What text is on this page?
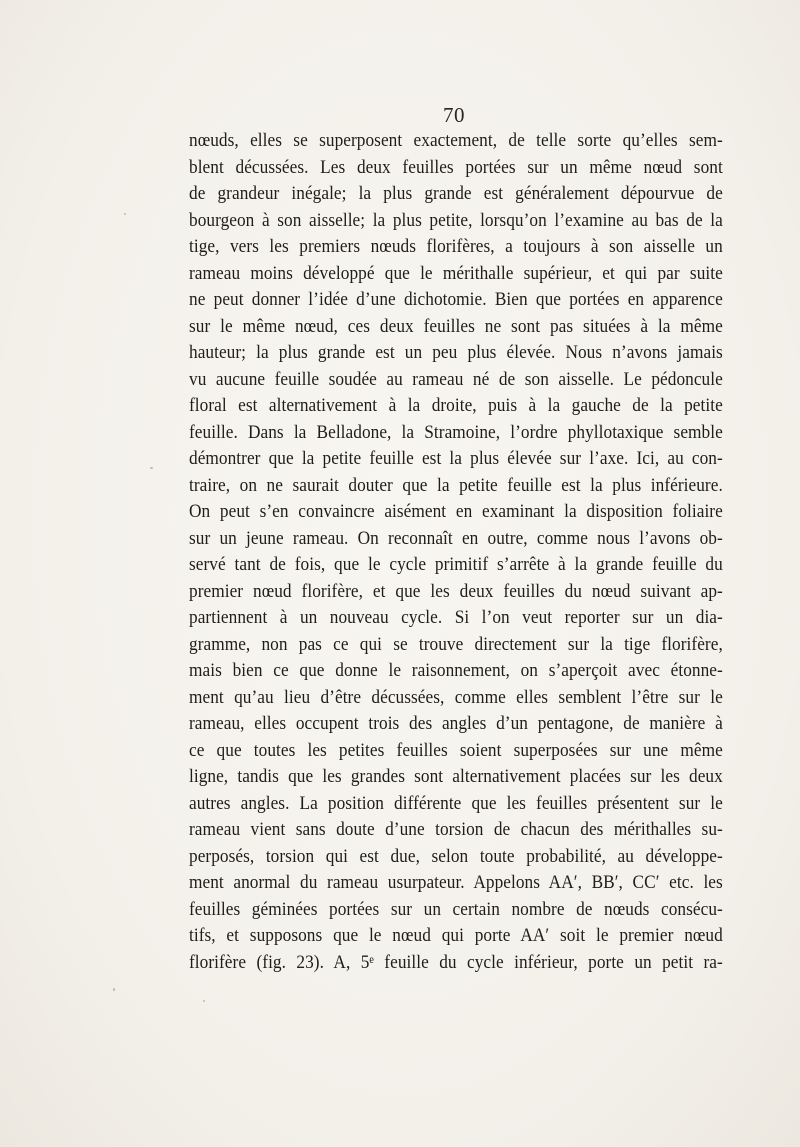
70
nœuds, elles se superposent exactement, de telle sorte qu’elles sem-
blent décussées. Les deux feuilles portées sur un même nœud sont
de grandeur inégale; la plus grande est généralement dépourvue de
bourgeon à son aisselle; la plus petite, lorsqu’on l’examine au bas de la
tige, vers les premiers nœuds florifères, a toujours à son aisselle un
rameau moins développé que le mérithalle supérieur, et qui par suite
ne peut donner l’idée d’une dichotomie. Bien que portées en apparence
sur le même nœud, ces deux feuilles ne sont pas situées à la même
hauteur; la plus grande est un peu plus élevée. Nous n’avons jamais
vu aucune feuille soudée au rameau né de son aisselle. Le pédoncule
floral est alternativement à la droite, puis à la gauche de la petite
feuille. Dans la Belladone, la Stramoine, l’ordre phyllotaxique semble
démontrer que la petite feuille est la plus élevée sur l’axe. Ici, au con-
traire, on ne saurait douter que la petite feuille est la plus inférieure.
On peut s’en convaincre aisément en examinant la disposition foliaire
sur un jeune rameau. On reconnaît en outre, comme nous l’avons ob-
servé tant de fois, que le cycle primitif s’arrête à la grande feuille du
premier nœud florifère, et que les deux feuilles du nœud suivant ap-
partiennent à un nouveau cycle. Si l’on veut reporter sur un dia-
gramme, non pas ce qui se trouve directement sur la tige florifère,
mais bien ce que donne le raisonnement, on s’aperçoit avec étonne-
ment qu’au lieu d’être décussées, comme elles semblent l’être sur le
rameau, elles occupent trois des angles d’un pentagone, de manière à
ce que toutes les petites feuilles soient superposées sur une même
ligne, tandis que les grandes sont alternativement placées sur les deux
autres angles. La position différente que les feuilles présentent sur le
rameau vient sans doute d’une torsion de chacun des mérithalles su-
perposés, torsion qui est due, selon toute probabilité, au développe-
ment anormal du rameau usurpateur. Appelons AA′, BB′, CC′ etc. les
feuilles géminées portées sur un certain nombre de nœuds consécu-
tifs, et supposons que le nœud qui porte AA′ soit le premier nœud
florifère (fig. 23). A, 5ᵉ feuille du cycle inférieur, porte un petit ra-
